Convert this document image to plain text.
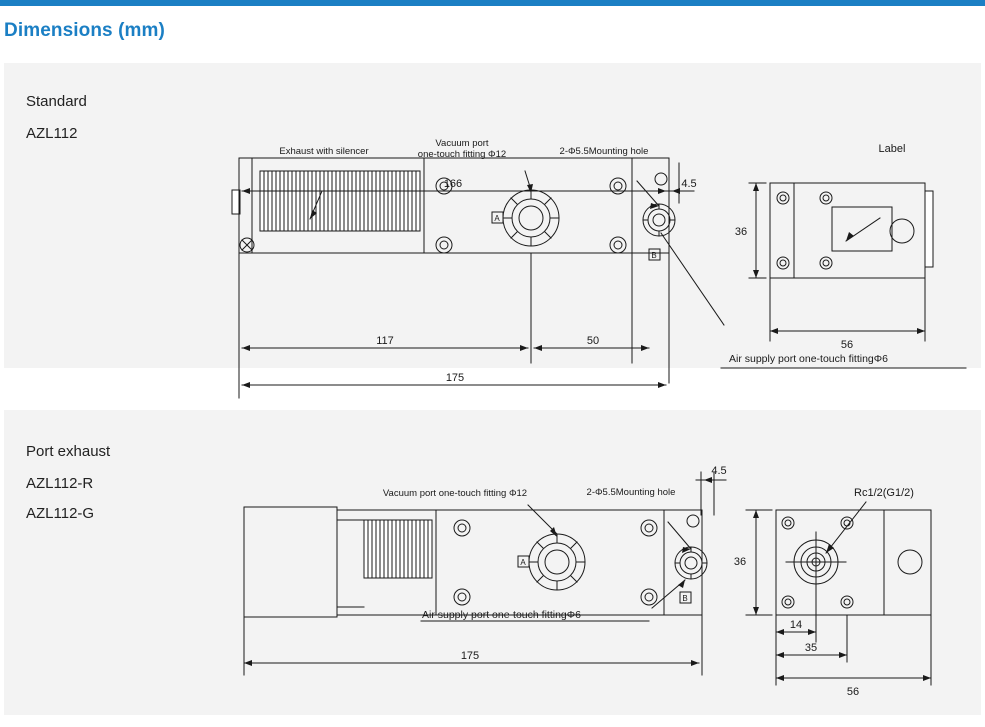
Dimensions (mm)
Standard
AZL112
166	4.5
117	50
175
Exhaust with silencer
Vacuum port
one-touch fitting Φ12	2-Φ5.5Mounting hole
Air supply port one-touch fittingΦ6
A
B
36
56
Label
Port exhaust
AZL112-R
AZL112-G
Vacuum port one-touch fitting Φ12	2-Φ5.5Mounting hole
Air supply port one-touch fittingΦ6
4.5
175
A
B
36
14
35
56
Rc1/2(G1/2)
